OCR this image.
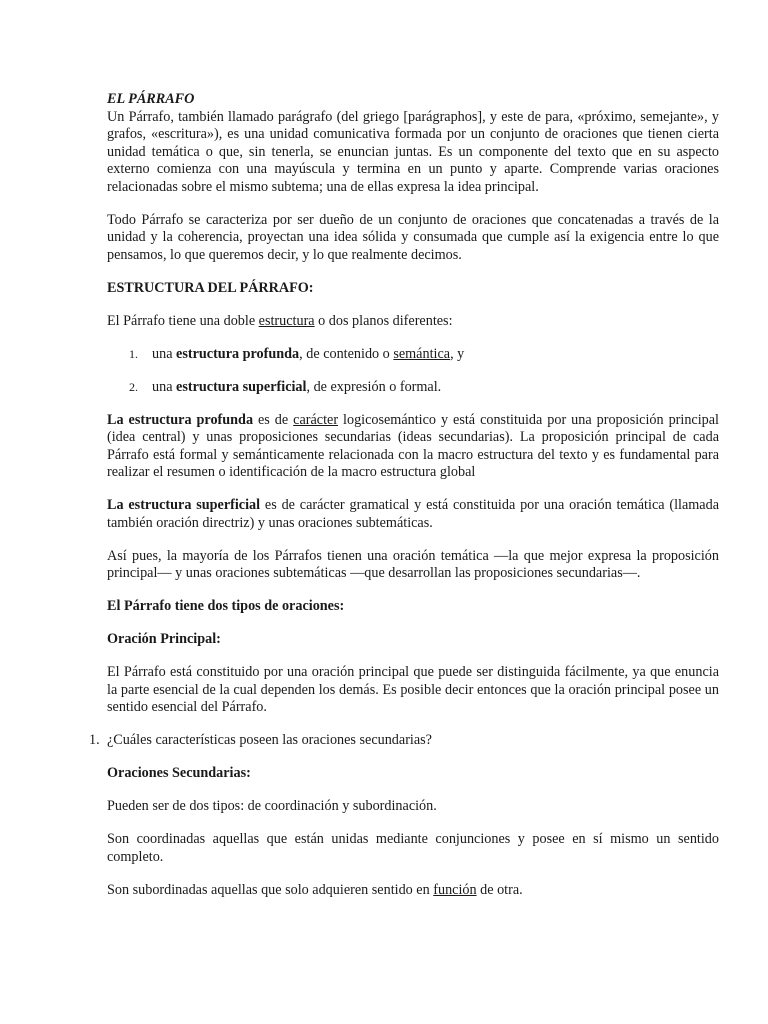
EL PÁRRAFO
Un Párrafo, también llamado parágrafo (del griego [parágraphos], y este de para, «próximo, semejante», y grafos, «escritura»), es una unidad comunicativa formada por un conjunto de oraciones que tienen cierta unidad temática o que, sin tenerla, se enuncian juntas. Es un componente del texto que en su aspecto externo comienza con una mayúscula y termina en un punto y aparte. Comprende varias oraciones relacionadas sobre el mismo subtema; una de ellas expresa la idea principal.
Todo Párrafo se caracteriza por ser dueño de un conjunto de oraciones que concatenadas a través de la unidad y la coherencia, proyectan una idea sólida y consumada que cumple así la exigencia entre lo que pensamos, lo que queremos decir, y lo que realmente decimos.
ESTRUCTURA DEL PÁRRAFO:
El Párrafo tiene una doble estructura o dos planos diferentes:
1. una estructura profunda, de contenido o semántica, y
2. una estructura superficial, de expresión o formal.
La estructura profunda es de carácter logicosemántico y está constituida por una proposición principal (idea central) y unas proposiciones secundarias (ideas secundarias). La proposición principal de cada Párrafo está formal y semánticamente relacionada con la macro estructura del texto y es fundamental para realizar el resumen o identificación de la macro estructura global
La estructura superficial es de carácter gramatical y está constituida por una oración temática (llamada también oración directriz) y unas oraciones subtemáticas.
Así pues, la mayoría de los Párrafos tienen una oración temática —la que mejor expresa la proposición principal— y unas oraciones subtemáticas —que desarrollan las proposiciones secundarias—.
El Párrafo tiene dos tipos de oraciones:
Oración Principal:
El Párrafo está constituido por una oración principal que puede ser distinguida fácilmente, ya que enuncia la parte esencial de la cual dependen los demás. Es posible decir entonces que la oración principal posee un sentido esencial del Párrafo.
1. ¿Cuáles características poseen las oraciones secundarias?
Oraciones Secundarias:
Pueden ser de dos tipos: de coordinación y subordinación.
Son coordinadas aquellas que están unidas mediante conjunciones y posee en sí mismo un sentido completo.
Son subordinadas aquellas que solo adquieren sentido en función de otra.
